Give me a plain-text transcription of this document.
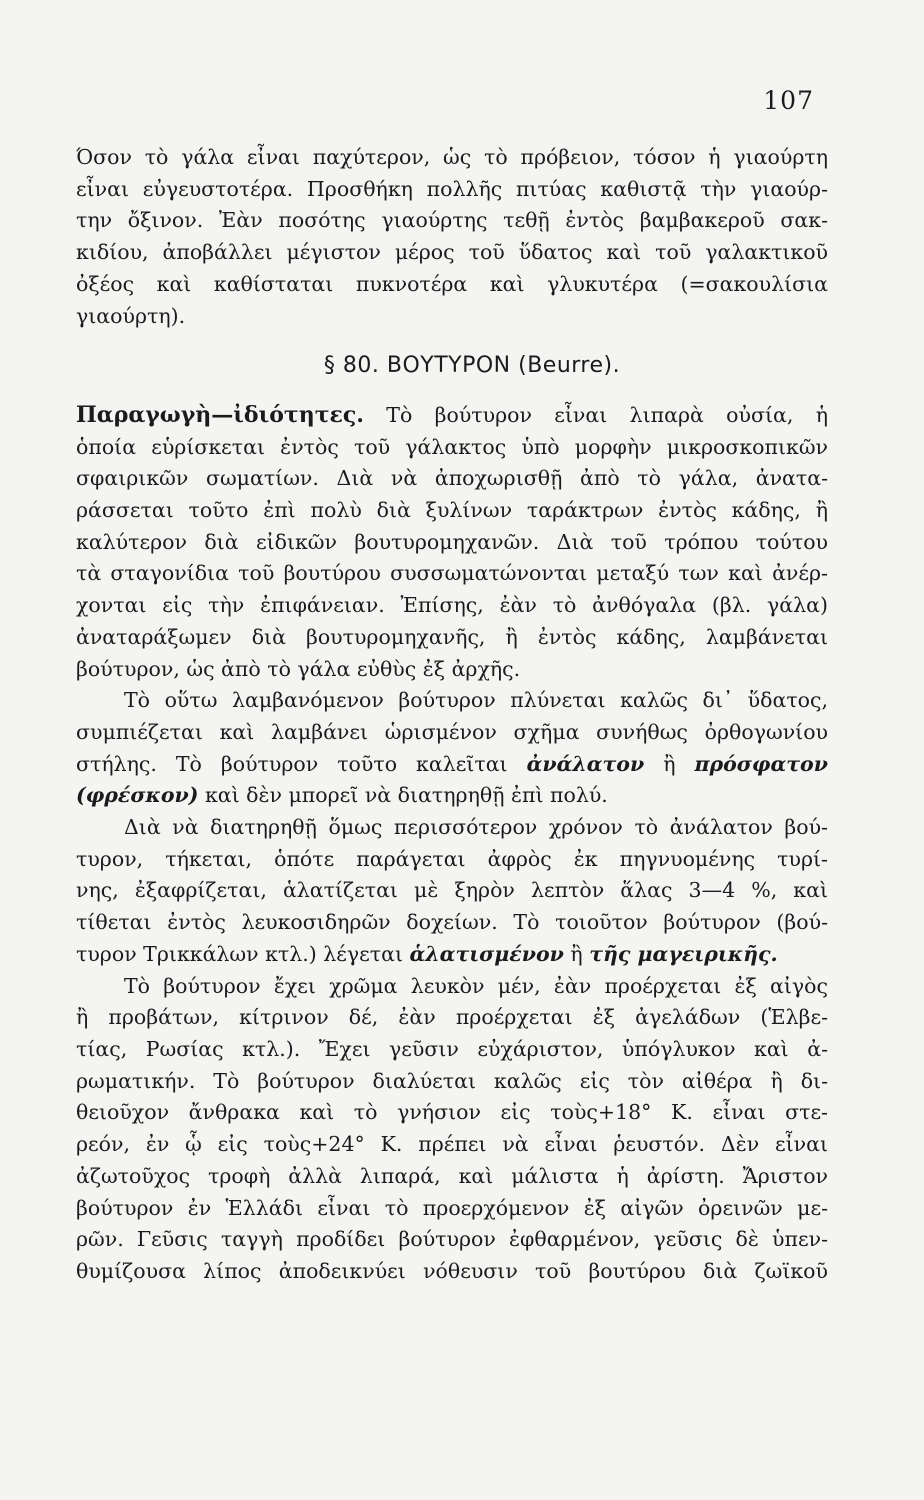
107
Όσον τὸ γάλα εἶναι παχύτερον, ὡς τὸ πρόβειον, τόσον ἡ γιαούρτη
εἶναι εὐγευστοτέρα. Προσθήκη πολλῆς πιτύας καθιστᾷ τὴν γιαούρ-
την ὄξινον. Ἐὰν ποσότης γιαούρτης τεθῇ ἐντὸς βαμβακεροῦ σακ-
κιδίου, ἀποβάλλει μέγιστον μέρος τοῦ ὕδατος καὶ τοῦ γαλακτικοῦ
ὀξέος καὶ καθίσταται πυκνοτέρα καὶ γλυκυτέρα (=σακουλίσια
γιαούρτη).
§ 80. ΒΟΥΤΥΡΟΝ (Beurre).
Παραγωγὴ—ἰδιότητες. Τὸ βούτυρον εἶναι λιπαρὰ οὐσία, ἡ
ὁποία εὑρίσκεται ἐντὸς τοῦ γάλακτος ὑπὸ μορφὴν μικροσκοπικῶν
σφαιρικῶν σωματίων. Διὰ νὰ ἀποχωρισθῇ ἀπὸ τὸ γάλα, ἀνατα-
ράσσεται τοῦτο ἐπὶ πολὺ διὰ ξυλίνων ταράκτρων ἐντὸς κάδης, ἢ
καλύτερον διὰ εἰδικῶν βουτυρομηχανῶν. Διὰ τοῦ τρόπου τούτου
τὰ σταγονίδια τοῦ βουτύρου συσσωματώνονται μεταξύ των καὶ ἀνέρ-
χονται εἰς τὴν ἐπιφάνειαν. Ἐπίσης, ἐὰν τὸ ἀνθόγαλα (βλ. γάλα)
ἀναταράξωμεν διὰ βουτυρομηχανῆς, ἢ ἐντὸς κάδης, λαμβάνεται
βούτυρον, ὡς ἀπὸ τὸ γάλα εὐθὺς ἐξ ἀρχῆς.
Τὸ οὕτω λαμβανόμενον βούτυρον πλύνεται καλῶς δι᾽ ὕδατος,
συμπιέζεται καὶ λαμβάνει ὡρισμένον σχῆμα συνήθως ὀρθογωνίου
στήλης. Τὸ βούτυρον τοῦτο καλεῖται ἀνάλατον ἢ πρόσφατον
(φρέσκον) καὶ δὲν μπορεῖ νὰ διατηρηθῇ ἐπὶ πολύ.
Διὰ νὰ διατηρηθῇ ὅμως περισσότερον χρόνον τὸ ἀνάλατον βού-
τυρον, τήκεται, ὁπότε παράγεται ἀφρὸς ἐκ πηγνυομένης τυρί-
νης, ἐξαφρίζεται, ἁλατίζεται μὲ ξηρὸν λεπτὸν ἅλας 3—4 %, καὶ
τίθεται ἐντὸς λευκοσιδηρῶν δοχείων. Τὸ τοιοῦτον βούτυρον (βού-
τυρον Τρικκάλων κτλ.) λέγεται ἁλατισμένον ἢ τῆς μαγειρικῆς.
Τὸ βούτυρον ἔχει χρῶμα λευκὸν μέν, ἐὰν προέρχεται ἐξ αἰγὸς
ἢ προβάτων, κίτρινον δέ, ἐὰν προέρχεται ἐξ ἀγελάδων (Ἑλβε-
τίας, Ρωσίας κτλ.). Ἔχει γεῦσιν εὐχάριστον, ὑπόγλυκον καὶ ἀ-
ρωματικήν. Τὸ βούτυρον διαλύεται καλῶς εἰς τὸν αἰθέρα ἢ δι-
θειοῦχον ἄνθρακα καὶ τὸ γνήσιον εἰς τοὺς+18° Κ. εἶναι στε-
ρεόν, ἐν ᾧ εἰς τοὺς+24° Κ. πρέπει νὰ εἶναι ῥευστόν. Δὲν εἶναι
ἀζωτοῦχος τροφὴ ἀλλὰ λιπαρά, καὶ μάλιστα ἡ ἀρίστη. Ἄριστον
βούτυρον ἐν Ἑλλάδι εἶναι τὸ προερχόμενον ἐξ αἰγῶν ὀρεινῶν με-
ρῶν. Γεῦσις ταγγὴ προδίδει βούτυρον ἐφθαρμένον, γεῦσις δὲ ὑπεν-
θυμίζουσα λίπος ἀποδεικνύει νόθευσιν τοῦ βουτύρου διὰ ζωϊκοῦ
